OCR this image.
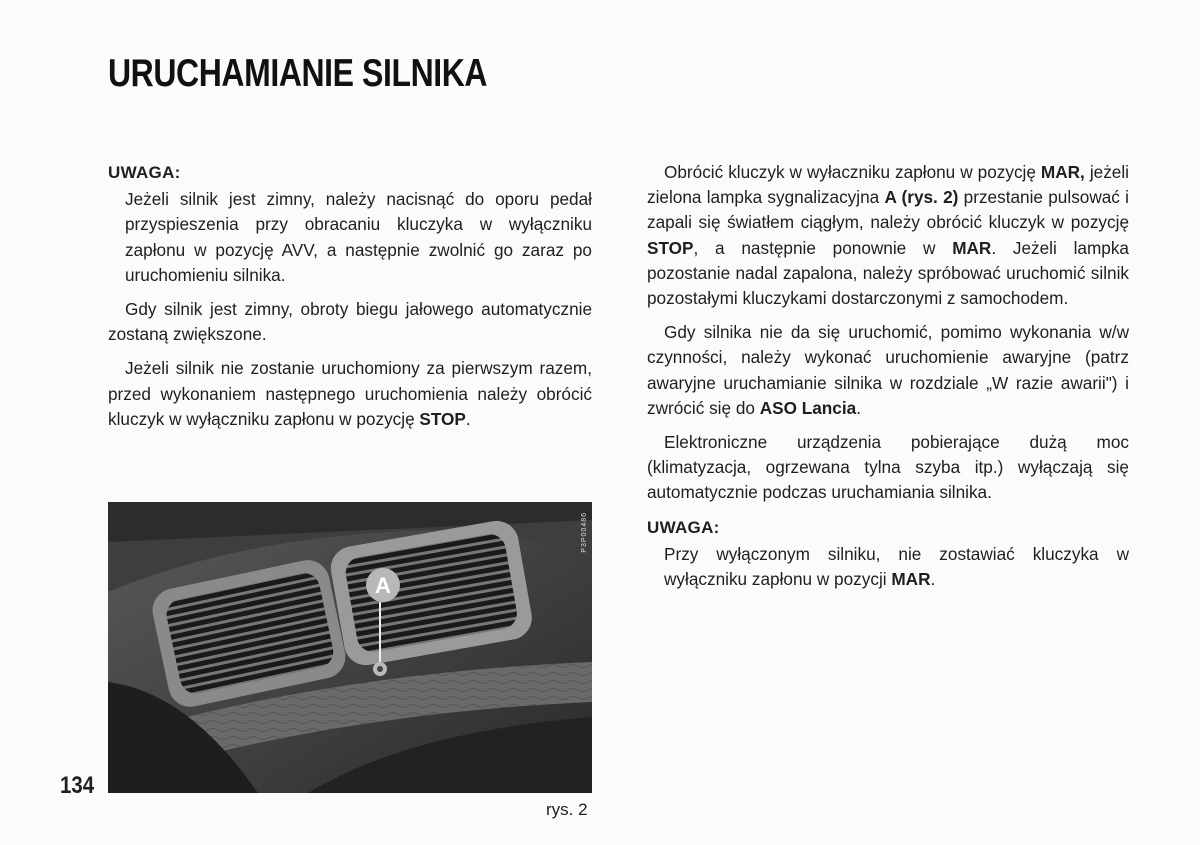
URUCHAMIANIE SILNIKA
UWAGA:

Jeżeli silnik jest zimny, należy nacisnąć do oporu pedał przyspieszenia przy obracaniu kluczyka w wyłączniku zapłonu w pozycję AVV, a następnie zwolnić go zaraz po uruchomieniu silnika.

Gdy silnik jest zimny, obroty biegu jałowego automatycznie zostaną zwiększone.

Jeżeli silnik nie zostanie uruchomiony za pierwszym razem, przed wykonaniem następnego uruchomienia należy obrócić kluczyk w wyłączniku zapłonu w pozycję STOP.

Obrócić kluczyk w wyłaczniku zapłonu w pozycję MAR, jeżeli zielona lampka sygnalizacyjna A (rys. 2) przestanie pulsować i zapali się światłem ciągłym, należy obrócić kluczyk w pozycję STOP, a następnie ponownie w MAR. Jeżeli lampka pozostanie nadal zapalona, należy spróbować uruchomić silnik pozostałymi kluczykami dostarczonymi z samochodem.

Gdy silnika nie da się uruchomić, pomimo wykonania w/w czynności, należy wykonać uruchomienie awaryjne (patrz awaryjne uruchamianie silnika w rozdziale „W razie awarii") i zwrócić się do ASO Lancia.

Elektroniczne urządzenia pobierające dużą moc (klimatyzacja, ogrzewana tylna szyba itp.) wyłączają się automatycznie podczas uruchamiania silnika.

UWAGA:

Przy wyłączonym silniku, nie zostawiać kluczyka w wyłączniku zapłonu w pozycji MAR.

A
P3P00486
rys. 2
134
